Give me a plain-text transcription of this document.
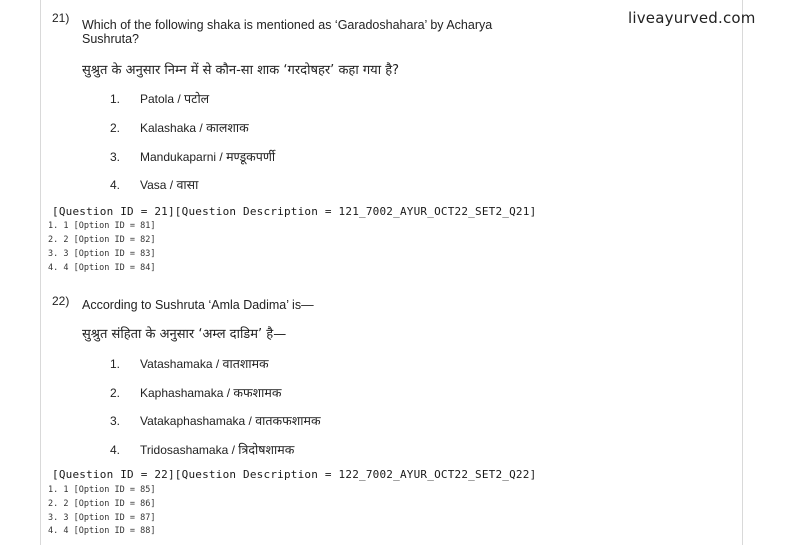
liveayurved.com
21) Which of the following shaka is mentioned as ‘Garadoshahara’ by Acharya Sushruta?
सुश्रुत के अनुसार निम्न में से कौन-सा शाक ‘गरदोषहर’ कहा गया है?
1. Patola / पटोल
2. Kalashaka / कालशाक
3. Mandukaparni / मण्डूकपर्णी
4. Vasa / वासा
[Question ID = 21][Question Description = 121_7002_AYUR_OCT22_SET2_Q21]
1. 1 [Option ID = 81]
2. 2 [Option ID = 82]
3. 3 [Option ID = 83]
4. 4 [Option ID = 84]
22) According to Sushruta ‘Amla Dadima’ is—
सुश्रुत संहिता के अनुसार ‘अम्ल दाडिम’ है—
1. Vatashamaka / वातशामक
2. Kaphashamaka / कफशामक
3. Vatakaphashamaka / वातकफशामक
4. Tridosashamaka / त्रिदोषशामक
[Question ID = 22][Question Description = 122_7002_AYUR_OCT22_SET2_Q22]
1. 1 [Option ID = 85]
2. 2 [Option ID = 86]
3. 3 [Option ID = 87]
4. 4 [Option ID = 88]
